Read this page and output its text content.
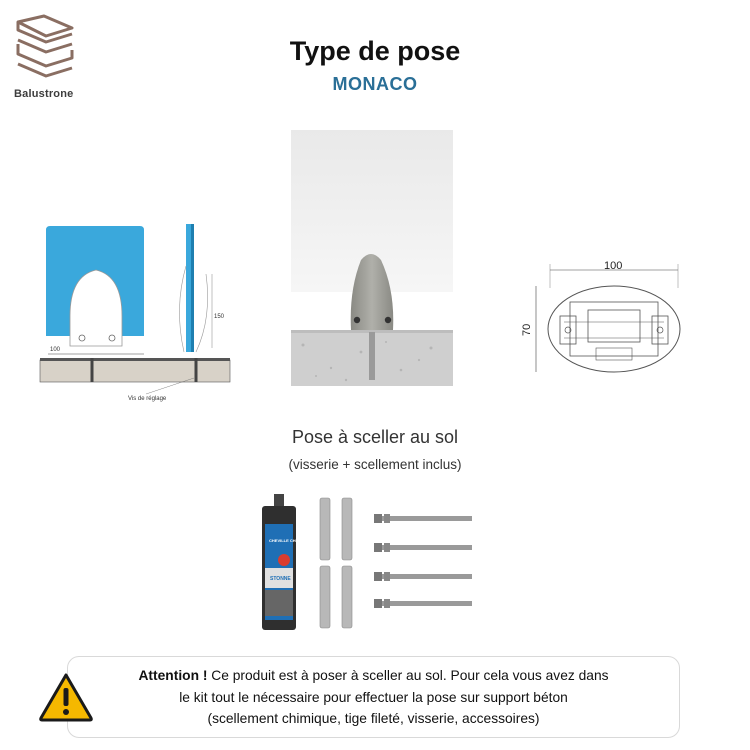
Balustrone
Type de pose
MONACO
100
150
Vis de réglage
100
70
Pose à sceller au sol
(visserie + scellement inclus)
CHEVILLE CHIMIQUE
STONNE
Attention ! Ce produit est à poser à sceller au sol. Pour cela vous avez dans
le kit tout le nécessaire pour effectuer la pose sur support béton
(scellement chimique, tige fileté, visserie, accessoires)
